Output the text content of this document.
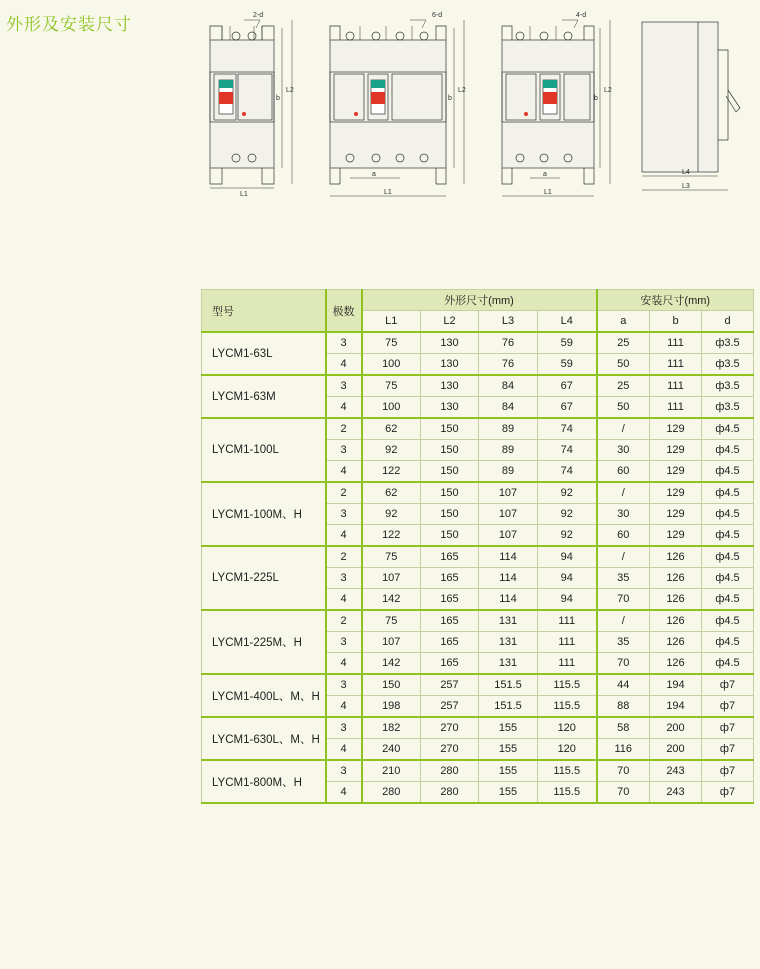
外形及安装尺寸	2-d
L1
b
L2
6-d
a
L1
b
L2
4-d
a
L1
b
L2
L4
L3
ON	ON	ON
型号	极数	外形尺寸(mm)				安装尺寸(mm)		
		L1	L2	L3	L4	a	b	d
LYCM1-63L	3	75	130	76	59	25	111	ф3.5
	4	100	130	76	59	50	111	ф3.5
LYCM1-63M	3	75	130	84	67	25	111	ф3.5
	4	100	130	84	67	50	111	ф3.5
LYCM1-100L	2	62	150	89	74	/	129	ф4.5
	3	92	150	89	74	30	129	ф4.5
	4	122	150	89	74	60	129	ф4.5
LYCM1-100M、H	2	62	150	107	92	/	129	ф4.5
	3	92	150	107	92	30	129	ф4.5
	4	122	150	107	92	60	129	ф4.5
LYCM1-225L	2	75	165	114	94	/	126	ф4.5
	3	107	165	114	94	35	126	ф4.5
	4	142	165	114	94	70	126	ф4.5
LYCM1-225M、H	2	75	165	131	111	/	126	ф4.5
	3	107	165	131	111	35	126	ф4.5
	4	142	165	131	111	70	126	ф4.5
LYCM1-400L、M、H	3	150	257	151.5	115.5	44	194	ф7
	4	198	257	151.5	115.5	88	194	ф7
LYCM1-630L、M、H	3	182	270	155	120	58	200	ф7
	4	240	270	155	120	116	200	ф7
LYCM1-800M、H	3	210	280	155	115.5	70	243	ф7
	4	280	280	155	115.5	70	243	ф7
